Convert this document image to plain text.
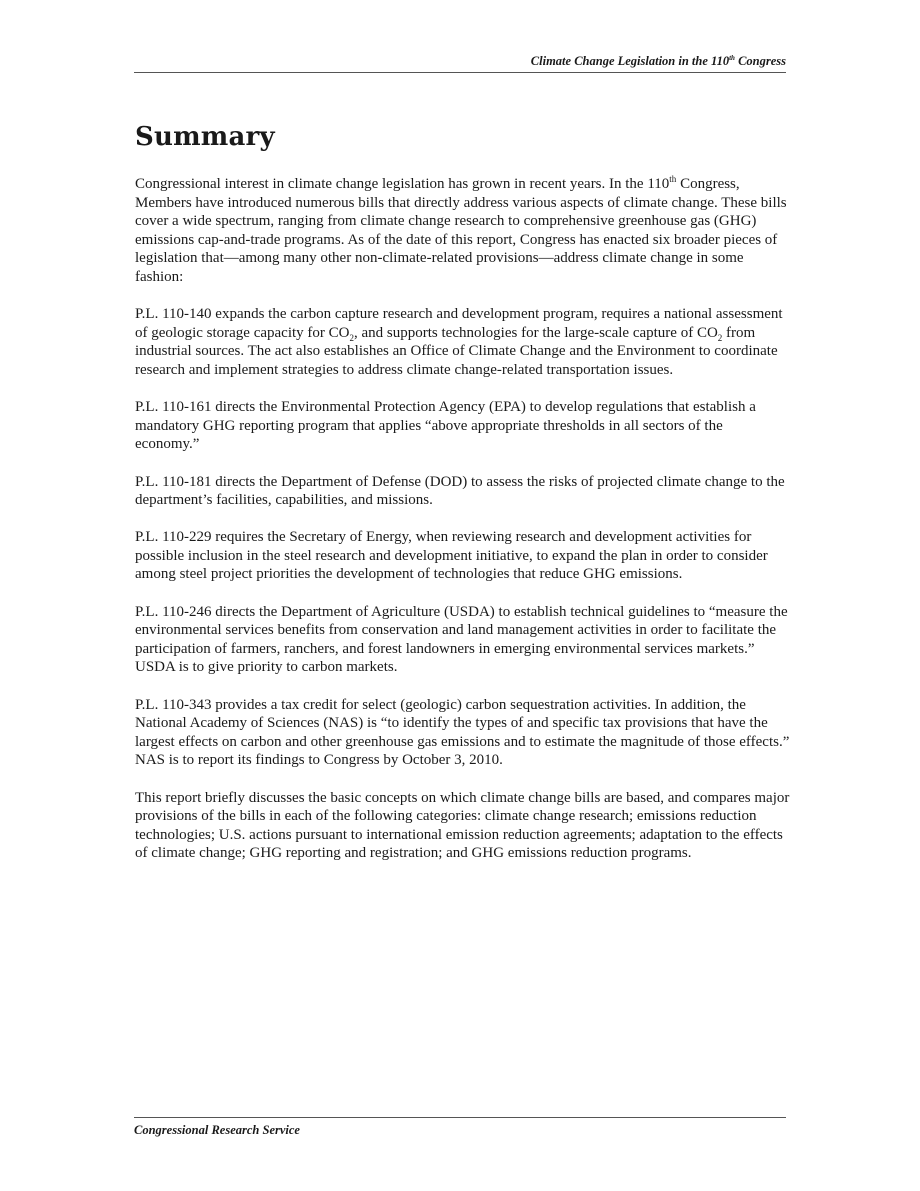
Climate Change Legislation in the 110th Congress
Summary

Congressional interest in climate change legislation has grown in recent years. In the 110th Congress, Members have introduced numerous bills that directly address various aspects of climate change. These bills cover a wide spectrum, ranging from climate change research to comprehensive greenhouse gas (GHG) emissions cap-and-trade programs. As of the date of this report, Congress has enacted six broader pieces of legislation that—among many other non-climate-related provisions—address climate change in some fashion:

P.L. 110-140 expands the carbon capture research and development program, requires a national assessment of geologic storage capacity for $CO_2$, and supports technologies for the large-scale capture of $CO_2$ from industrial sources. The act also establishes an Office of Climate Change and the Environment to coordinate research and implement strategies to address climate change-related transportation issues.

P.L. 110-161 directs the Environmental Protection Agency (EPA) to develop regulations that establish a mandatory GHG reporting program that applies “above appropriate thresholds in all sectors of the economy.”

P.L. 110-181 directs the Department of Defense (DOD) to assess the risks of projected climate change to the department’s facilities, capabilities, and missions.

P.L. 110-229 requires the Secretary of Energy, when reviewing research and development activities for possible inclusion in the steel research and development initiative, to expand the plan in order to consider among steel project priorities the development of technologies that reduce GHG emissions.

P.L. 110-246 directs the Department of Agriculture (USDA) to establish technical guidelines to “measure the environmental services benefits from conservation and land management activities in order to facilitate the participation of farmers, ranchers, and forest landowners in emerging environmental services markets.” USDA is to give priority to carbon markets.

P.L. 110-343 provides a tax credit for select (geologic) carbon sequestration activities. In addition, the National Academy of Sciences (NAS) is “to identify the types of and specific tax provisions that have the largest effects on carbon and other greenhouse gas emissions and to estimate the magnitude of those effects.” NAS is to report its findings to Congress by October 3, 2010.

This report briefly discusses the basic concepts on which climate change bills are based, and compares major provisions of the bills in each of the following categories: climate change research; emissions reduction technologies; U.S. actions pursuant to international emission reduction agreements; adaptation to the effects of climate change; GHG reporting and registration; and GHG emissions reduction programs.

Congressional Research Service
